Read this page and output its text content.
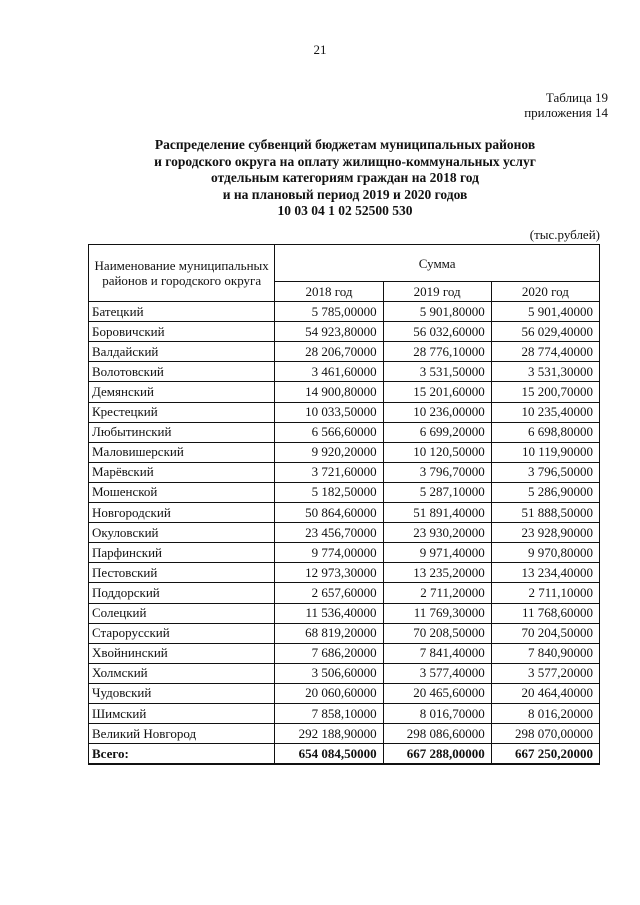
21
Таблица 19
приложения 14
Распределение субвенций бюджетам муниципальных районов
и городского округа на оплату жилищно-коммунальных услуг
отдельным категориям граждан на 2018 год
и на плановый период 2019 и 2020 годов
10 03 04 1 02 52500 530
(тыс.рублей)
Наименование муниципальных районов и городского округа	Сумма		
	2018 год	2019 год	2020 год
Батецкий	5 785,00000	5 901,80000	5 901,40000
Боровичский	54 923,80000	56 032,60000	56 029,40000
Валдайский	28 206,70000	28 776,10000	28 774,40000
Волотовский	3 461,60000	3 531,50000	3 531,30000
Демянский	14 900,80000	15 201,60000	15 200,70000
Крестецкий	10 033,50000	10 236,00000	10 235,40000
Любытинский	6 566,60000	6 699,20000	6 698,80000
Маловишерский	9 920,20000	10 120,50000	10 119,90000
Марёвский	3 721,60000	3 796,70000	3 796,50000
Мошенской	5 182,50000	5 287,10000	5 286,90000
Новгородский	50 864,60000	51 891,40000	51 888,50000
Окуловский	23 456,70000	23 930,20000	23 928,90000
Парфинский	9 774,00000	9 971,40000	9 970,80000
Пестовский	12 973,30000	13 235,20000	13 234,40000
Поддорский	2 657,60000	2 711,20000	2 711,10000
Солецкий	11 536,40000	11 769,30000	11 768,60000
Старорусский	68 819,20000	70 208,50000	70 204,50000
Хвойнинский	7 686,20000	7 841,40000	7 840,90000
Холмский	3 506,60000	3 577,40000	3 577,20000
Чудовский	20 060,60000	20 465,60000	20 464,40000
Шимский	7 858,10000	8 016,70000	8 016,20000
Великий Новгород	292 188,90000	298 086,60000	298 070,00000
Всего:	654 084,50000	667 288,00000	667 250,20000
